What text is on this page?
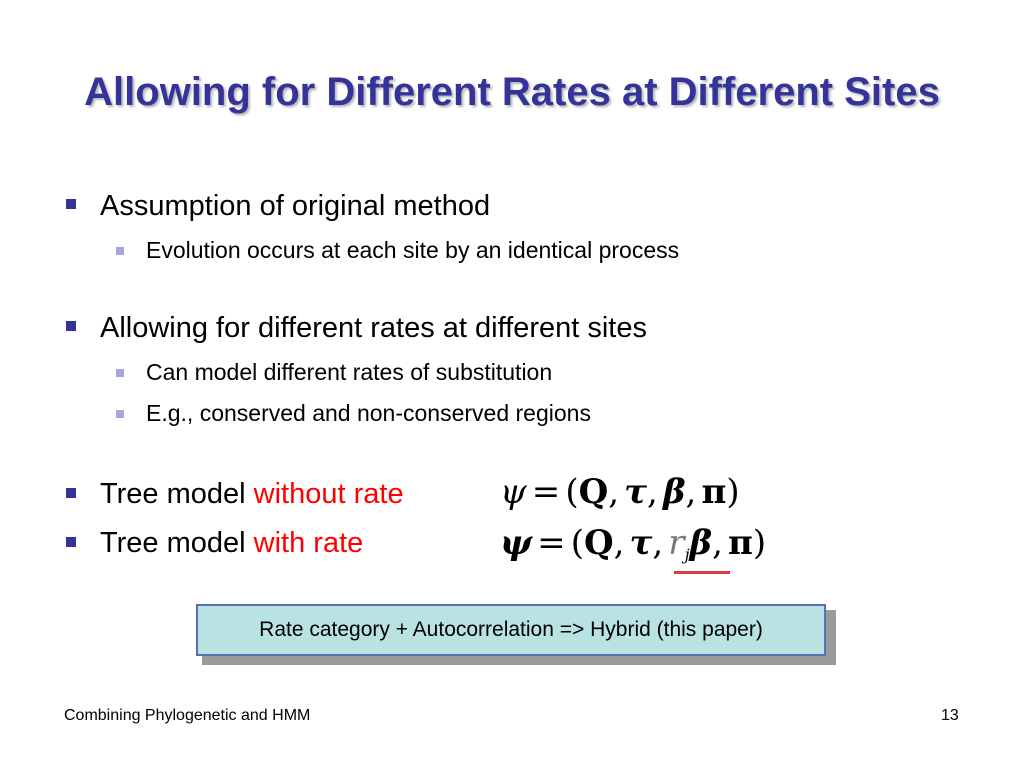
Allowing for Different Rates at Different Sites
Assumption of original method
Evolution occurs at each site by an identical process
Allowing for different rates at different sites
Can model different rates of substitution
E.g., conserved and non-conserved regions
Tree model without rate
Tree model with rate
ψ = (Q, τ, β, π)
ψ = (Q, τ, rjβ, π)
Rate category + Autocorrelation => Hybrid (this paper)
Combining Phylogenetic and HMM	13
